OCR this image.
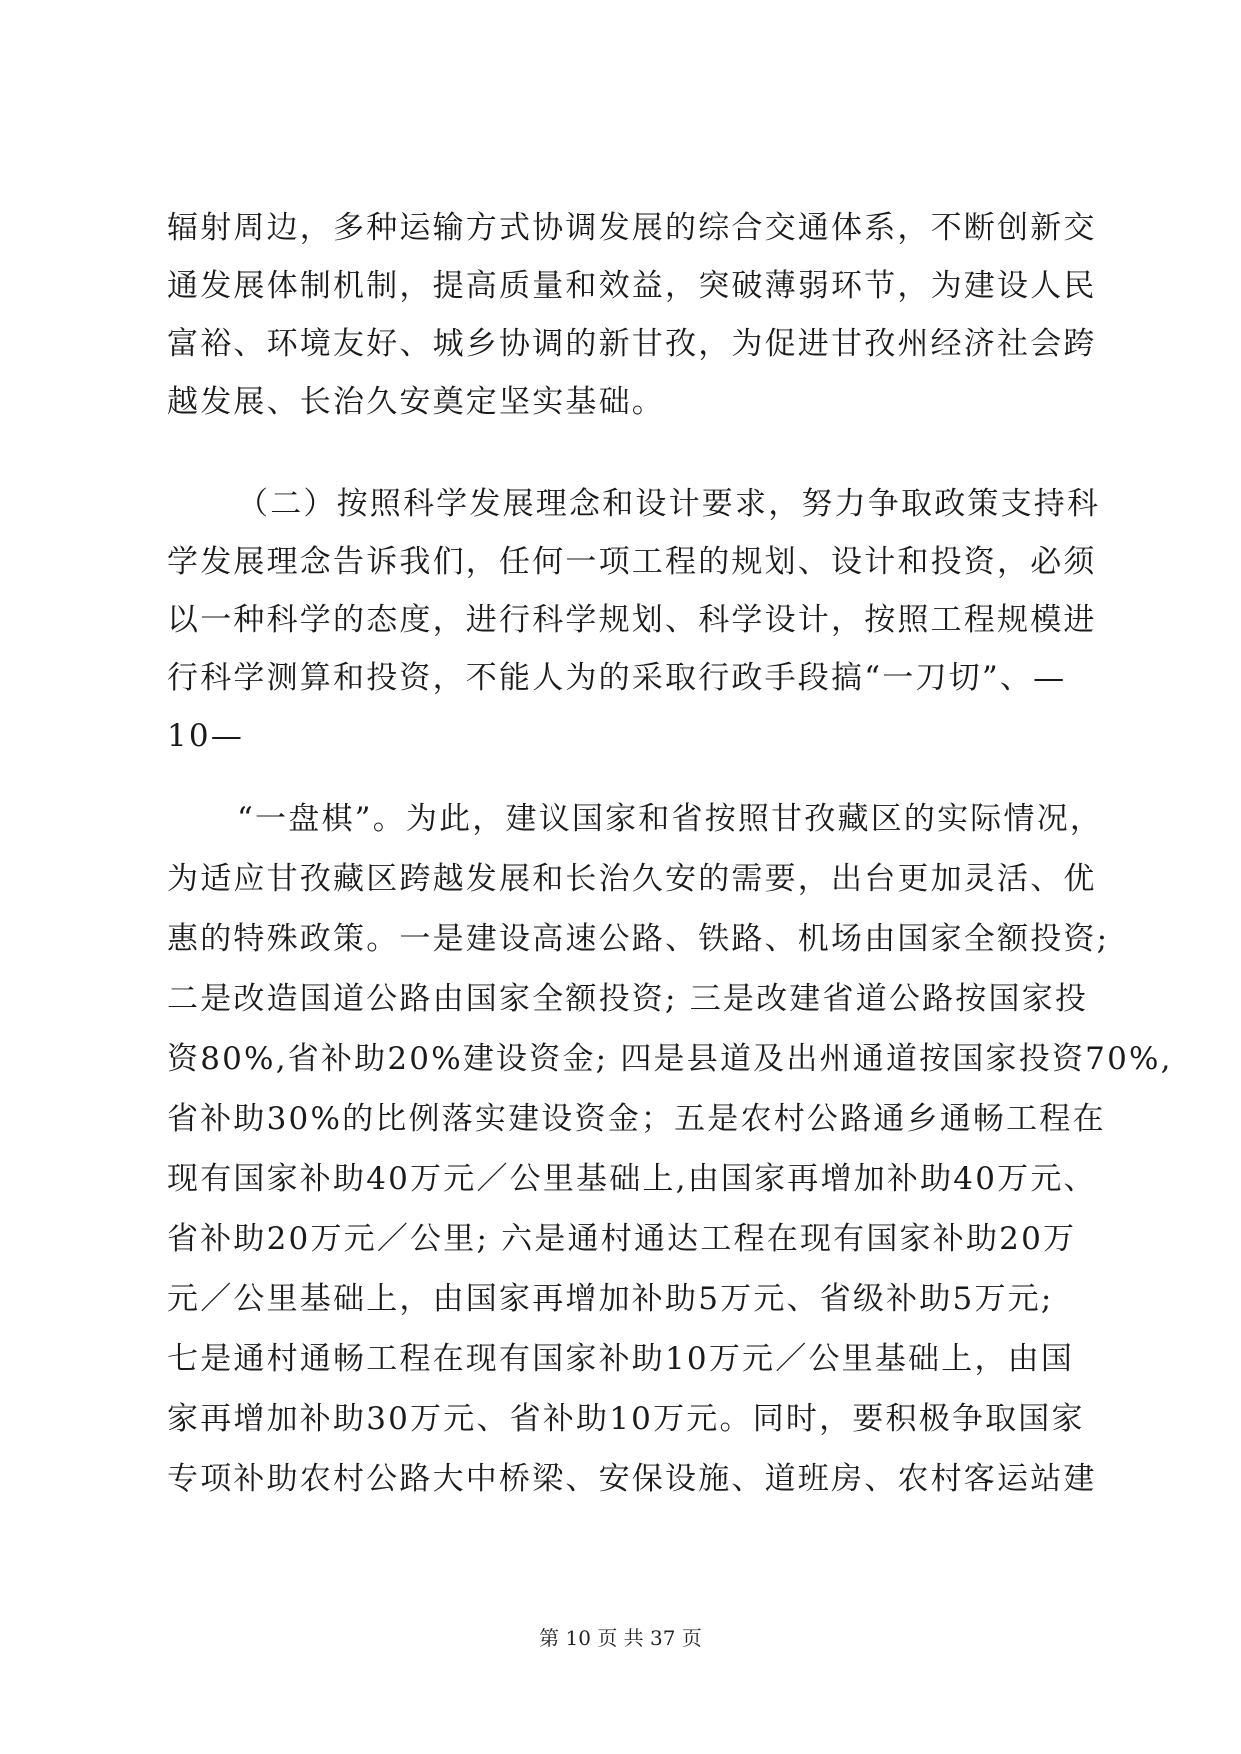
辐射周边，多种运输方式协调发展的综合交通体系，不断创新交
通发展体制机制，提高质量和效益，突破薄弱环节，为建设人民
富裕、环境友好、城乡协调的新甘孜，为促进甘孜州经济社会跨
越发展、长治久安奠定坚实基础。
（二）按照科学发展理念和设计要求，努力争取政策支持科
学发展理念告诉我们，任何一项工程的规划、设计和投资，必须
以一种科学的态度，进行科学规划、科学设计，按照工程规模进
行科学测算和投资，不能人为的采取行政手段搞“一刀切”、—
10—
“一盘棋”。为此，建议国家和省按照甘孜藏区的实际情况，
为适应甘孜藏区跨越发展和长治久安的需要，出台更加灵活、优
惠的特殊政策。一是建设高速公路、铁路、机场由国家全额投资;
二是改造国道公路由国家全额投资; 三是改建省道公路按国家投
资80%,省补助20%建设资金; 四是县道及出州通道按国家投资70%,
省补助30%的比例落实建设资金；五是农村公路通乡通畅工程在
现有国家补助40万元／公里基础上,由国家再增加补助40万元、
省补助20万元／公里; 六是通村通达工程在现有国家补助20万
元／公里基础上，由国家再增加补助5万元、省级补助5万元;
七是通村通畅工程在现有国家补助10万元／公里基础上，由国
家再增加补助30万元、省补助10万元。同时，要积极争取国家
专项补助农村公路大中桥梁、安保设施、道班房、农村客运站建
第 10 页 共 37 页
